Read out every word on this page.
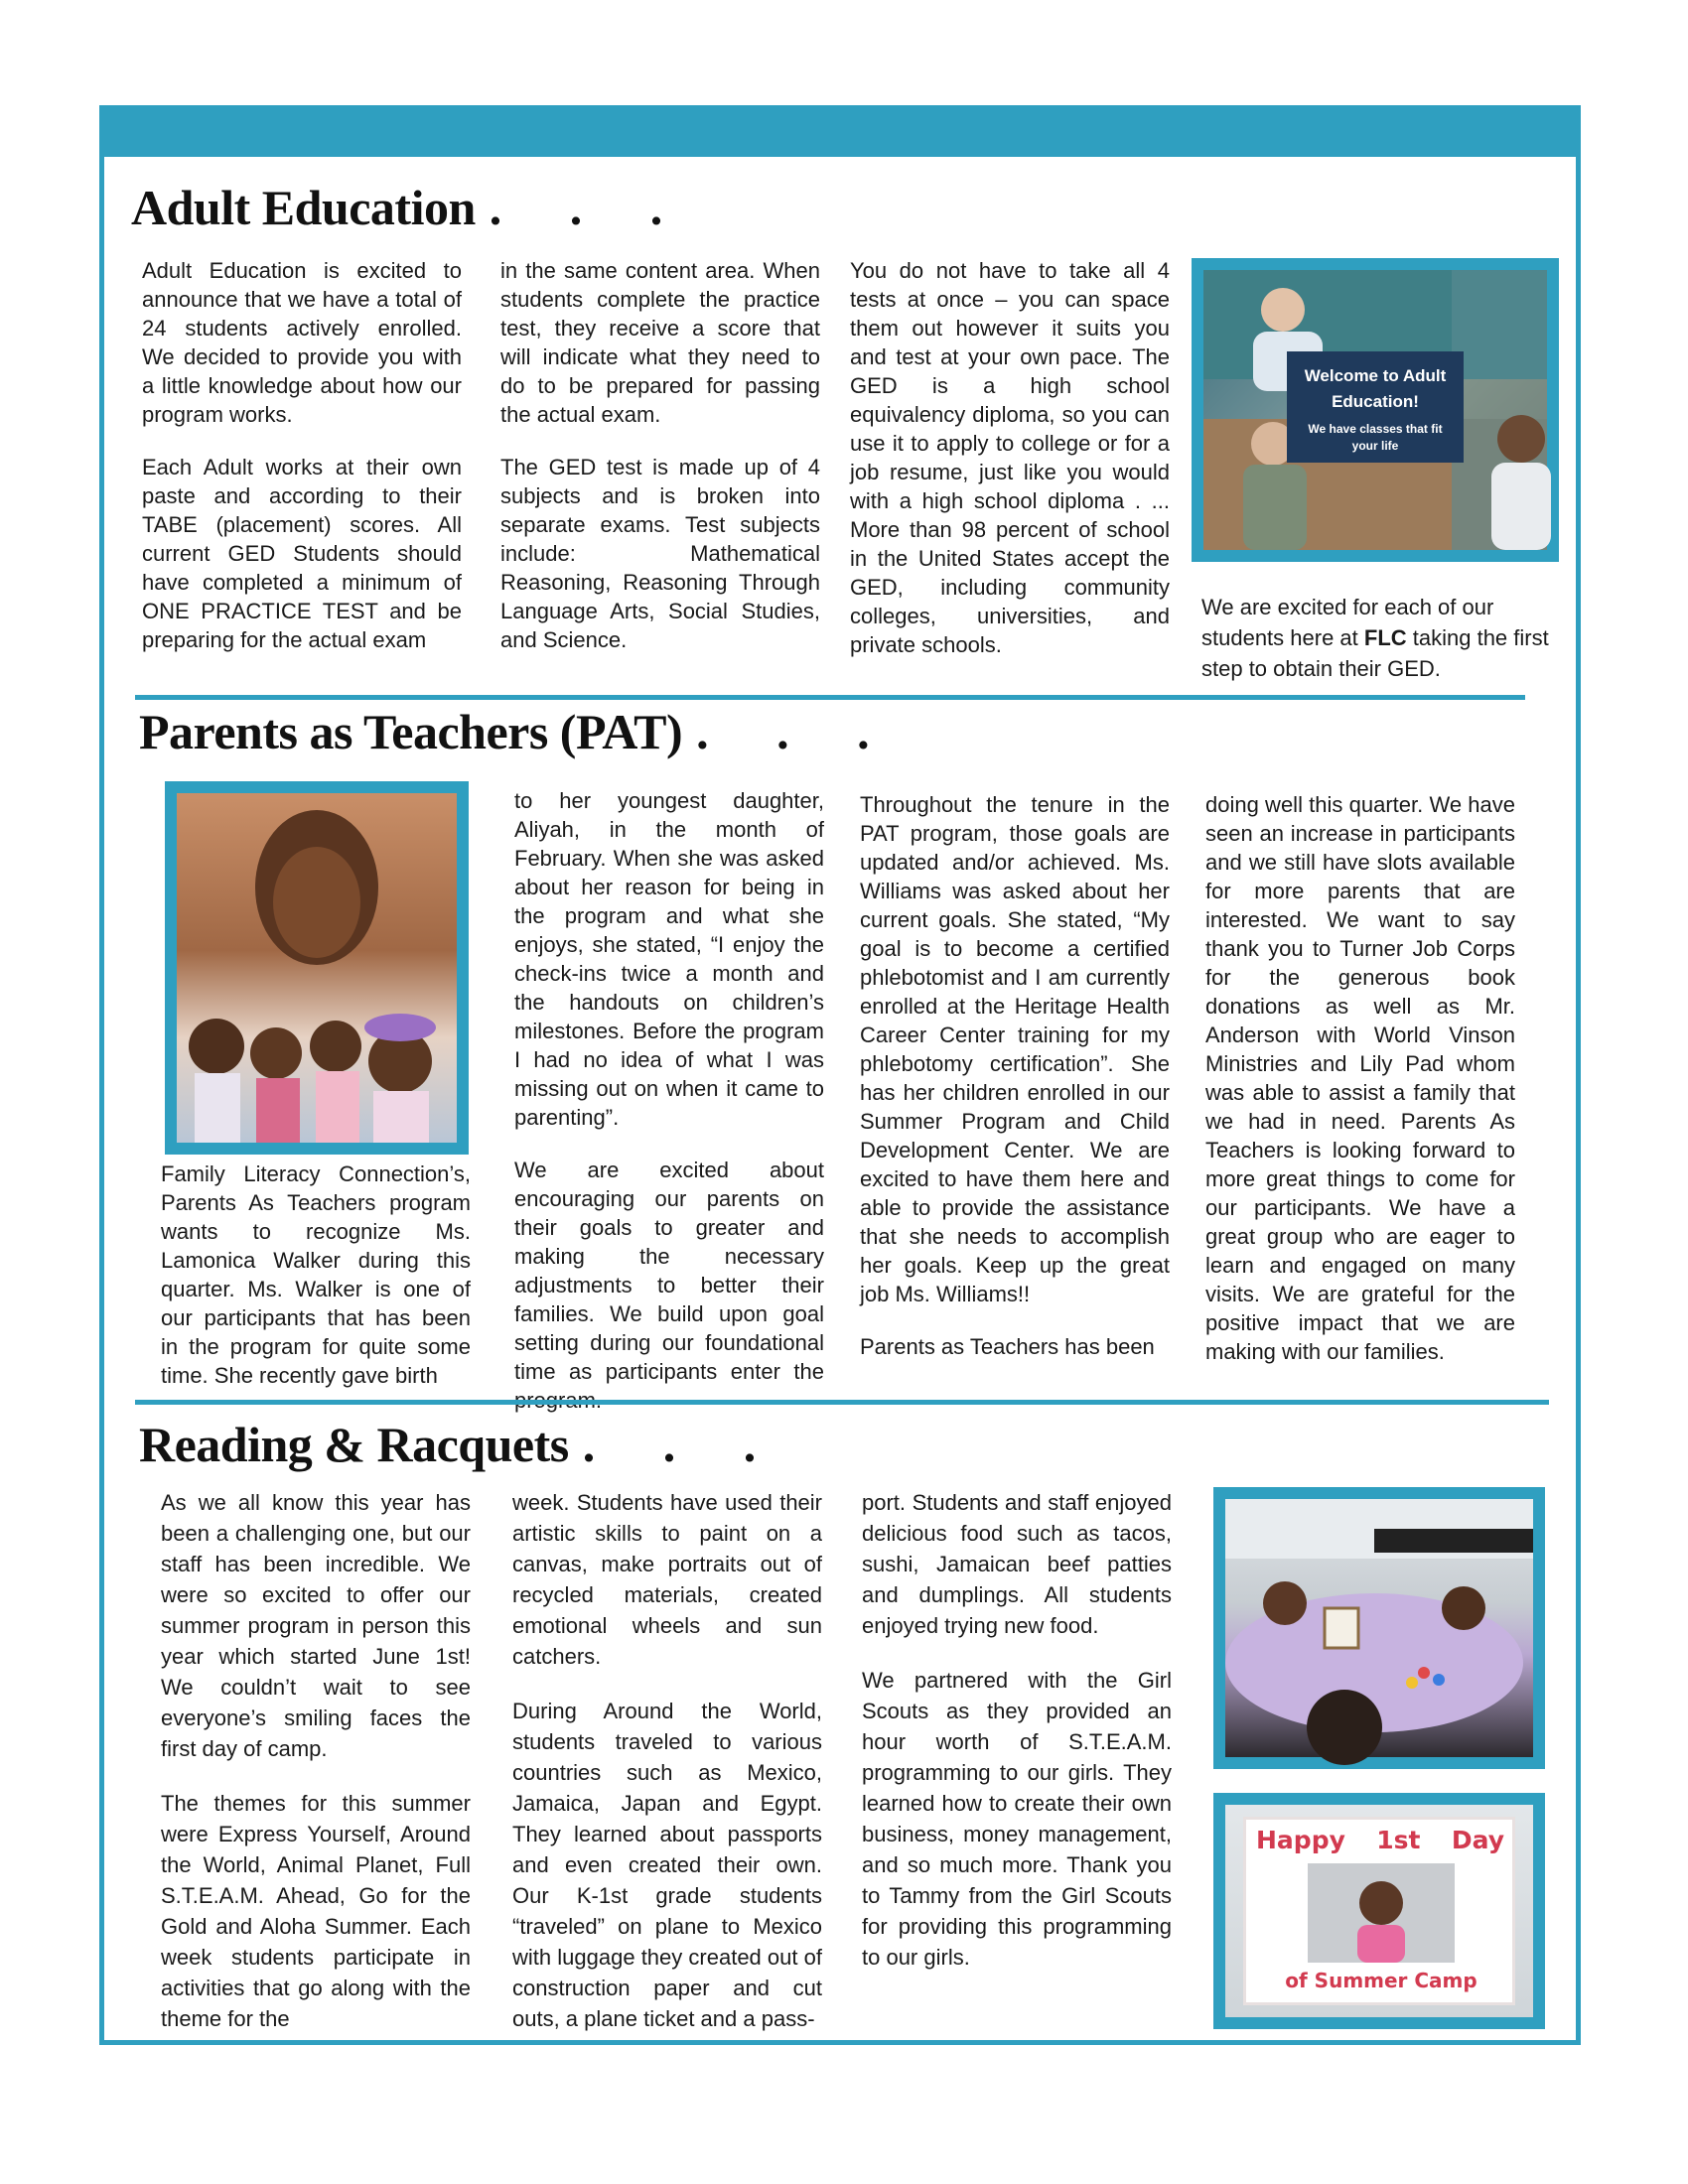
Adult Education . . .

Adult Education is excited to announce that we have a total of 24 students actively enrolled. We decided to provide you with a little knowledge about how our program works.

Each Adult works at their own paste and according to their TABE (placement) scores. All current GED Students should have completed a minimum of ONE PRACTICE TEST and be preparing for the actual exam

in the same content area. When students complete the practice test, they receive a score that will indicate what they need to do to be prepared for passing the actual exam.

The GED test is made up of 4 subjects and is broken into separate exams. Test subjects include: Mathematical Reasoning, Reasoning Through Language Arts, Social Studies, and Science.

You do not have to take all 4 tests at once – you can space them out however it suits you and test at your own pace. The GED is a high school equivalency diploma, so you can use it to apply to college or for a job resume, just like you would with a high school diploma . ... More than 98 percent of school in the United States accept the GED, including community colleges, universities, and private schools.

Welcome to Adult Education!
We have classes that fit your life
We are excited for each of our students here at FLC taking the first step to obtain their GED.
Parents as Teachers (PAT) . . .

Family Literacy Connection’s, Parents As Teachers program wants to recognize Ms. Lamonica Walker during this quarter. Ms. Walker is one of our participants that has been in the program for quite some time. She recently gave birth

to her youngest daughter, Aliyah, in the month of February. When she was asked about her reason for being in the program and what she enjoys, she stated, “I enjoy the check-ins twice a month and the handouts on children’s milestones. Before the program I had no idea of what I was missing out on when it came to parenting”.

We are excited about encouraging our parents on their goals to greater and making the necessary adjustments to better their families. We build upon goal setting during our foundational time as participants enter the

Throughout the tenure in the PAT program, those goals are updated and/or achieved. Ms. Williams was asked about her current goals. She stated, “My goal is to become a certified phlebotomist and I am currently enrolled at the Heritage Health Career Center training for my phlebotomy certification”. She has her children enrolled in our Summer Program and Child Development Center. We are excited to have them here and able to provide the assistance that she needs to accomplish her goals. Keep up the great job Ms. Williams!!

Parents as Teachers has been

doing well this quarter. We have seen an increase in participants and we still have slots available for more parents that are interested. We want to say thank you to Turner Job Corps for the generous book donations as well as Mr. Anderson with World Vinson Ministries and Lily Pad whom was able to assist a family that we had in need. Parents As Teachers is looking forward to more great things to come for our participants. We have a great group who are eager to learn and engaged on many visits. We are grateful for the positive impact that we are making with our families.

Reading & Racquets . . .

As we all know this year has been a challenging one, but our staff has been incredible. We were so excited to offer our summer program in person this year which started June 1st! We couldn’t wait to see everyone’s smiling faces the first day of camp.

The themes for this summer were Express Yourself, Around the World, Animal Planet, Full S.T.E.A.M. Ahead, Go for the Gold and Aloha Summer. Each week students participate in activities that go along with the theme for the

week. Students have used their artistic skills to paint on a canvas, make portraits out of recycled materials, created emotional wheels and sun catchers.

During Around the World, students traveled to various countries such as Mexico, Jamaica, Japan and Egypt. They learned about passports and even created their own. Our K-1st grade students “traveled” on plane to Mexico with luggage they created out of construction paper and cut outs, a plane ticket and a pass-

port. Students and staff enjoyed delicious food such as tacos, sushi, Jamaican beef patties and dumplings. All students enjoyed trying new food.

We partnered with the Girl Scouts as they provided an hour worth of S.T.E.A.M. programming to our girls. They learned how to create their own business, money management, and so much more. Thank you to Tammy from the Girl Scouts for providing this programming to our girls.

Happy 1st Day
of Summer Camp
